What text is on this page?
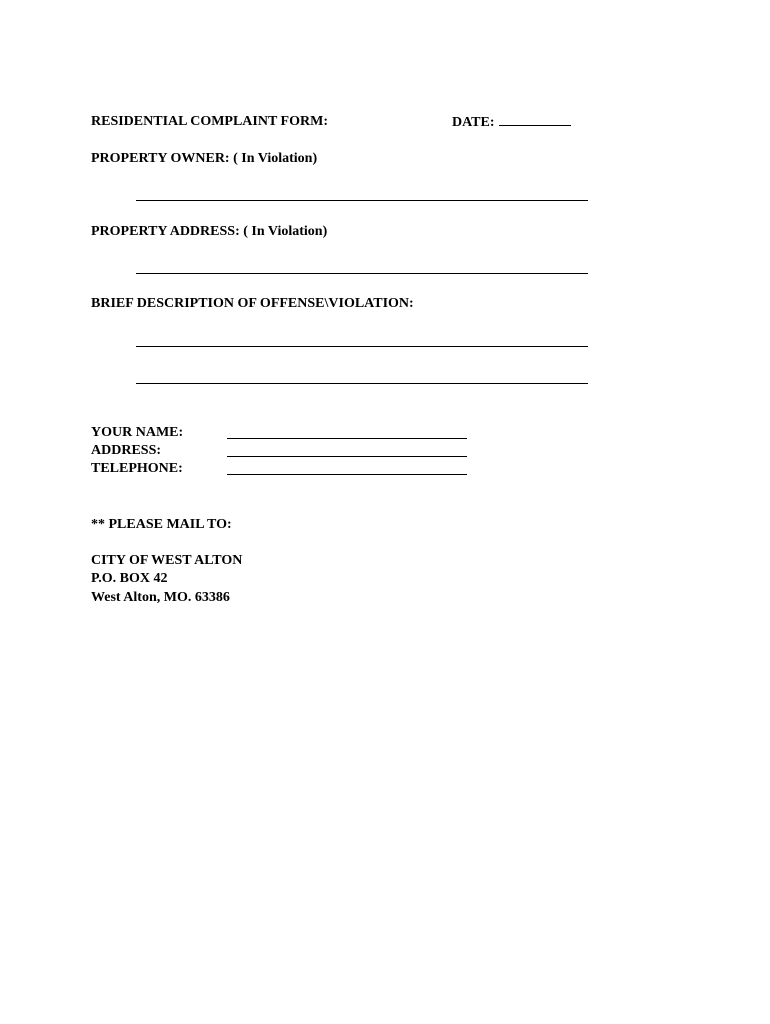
RESIDENTIAL COMPLAINT FORM:	DATE:
PROPERTY OWNER: ( In Violation)
PROPERTY ADDRESS: ( In Violation)
BRIEF DESCRIPTION OF OFFENSE\VIOLATION:
YOUR NAME:
ADDRESS:
TELEPHONE:
** PLEASE MAIL TO:
CITY OF WEST ALTON
P.O. BOX 42
West Alton, MO. 63386
